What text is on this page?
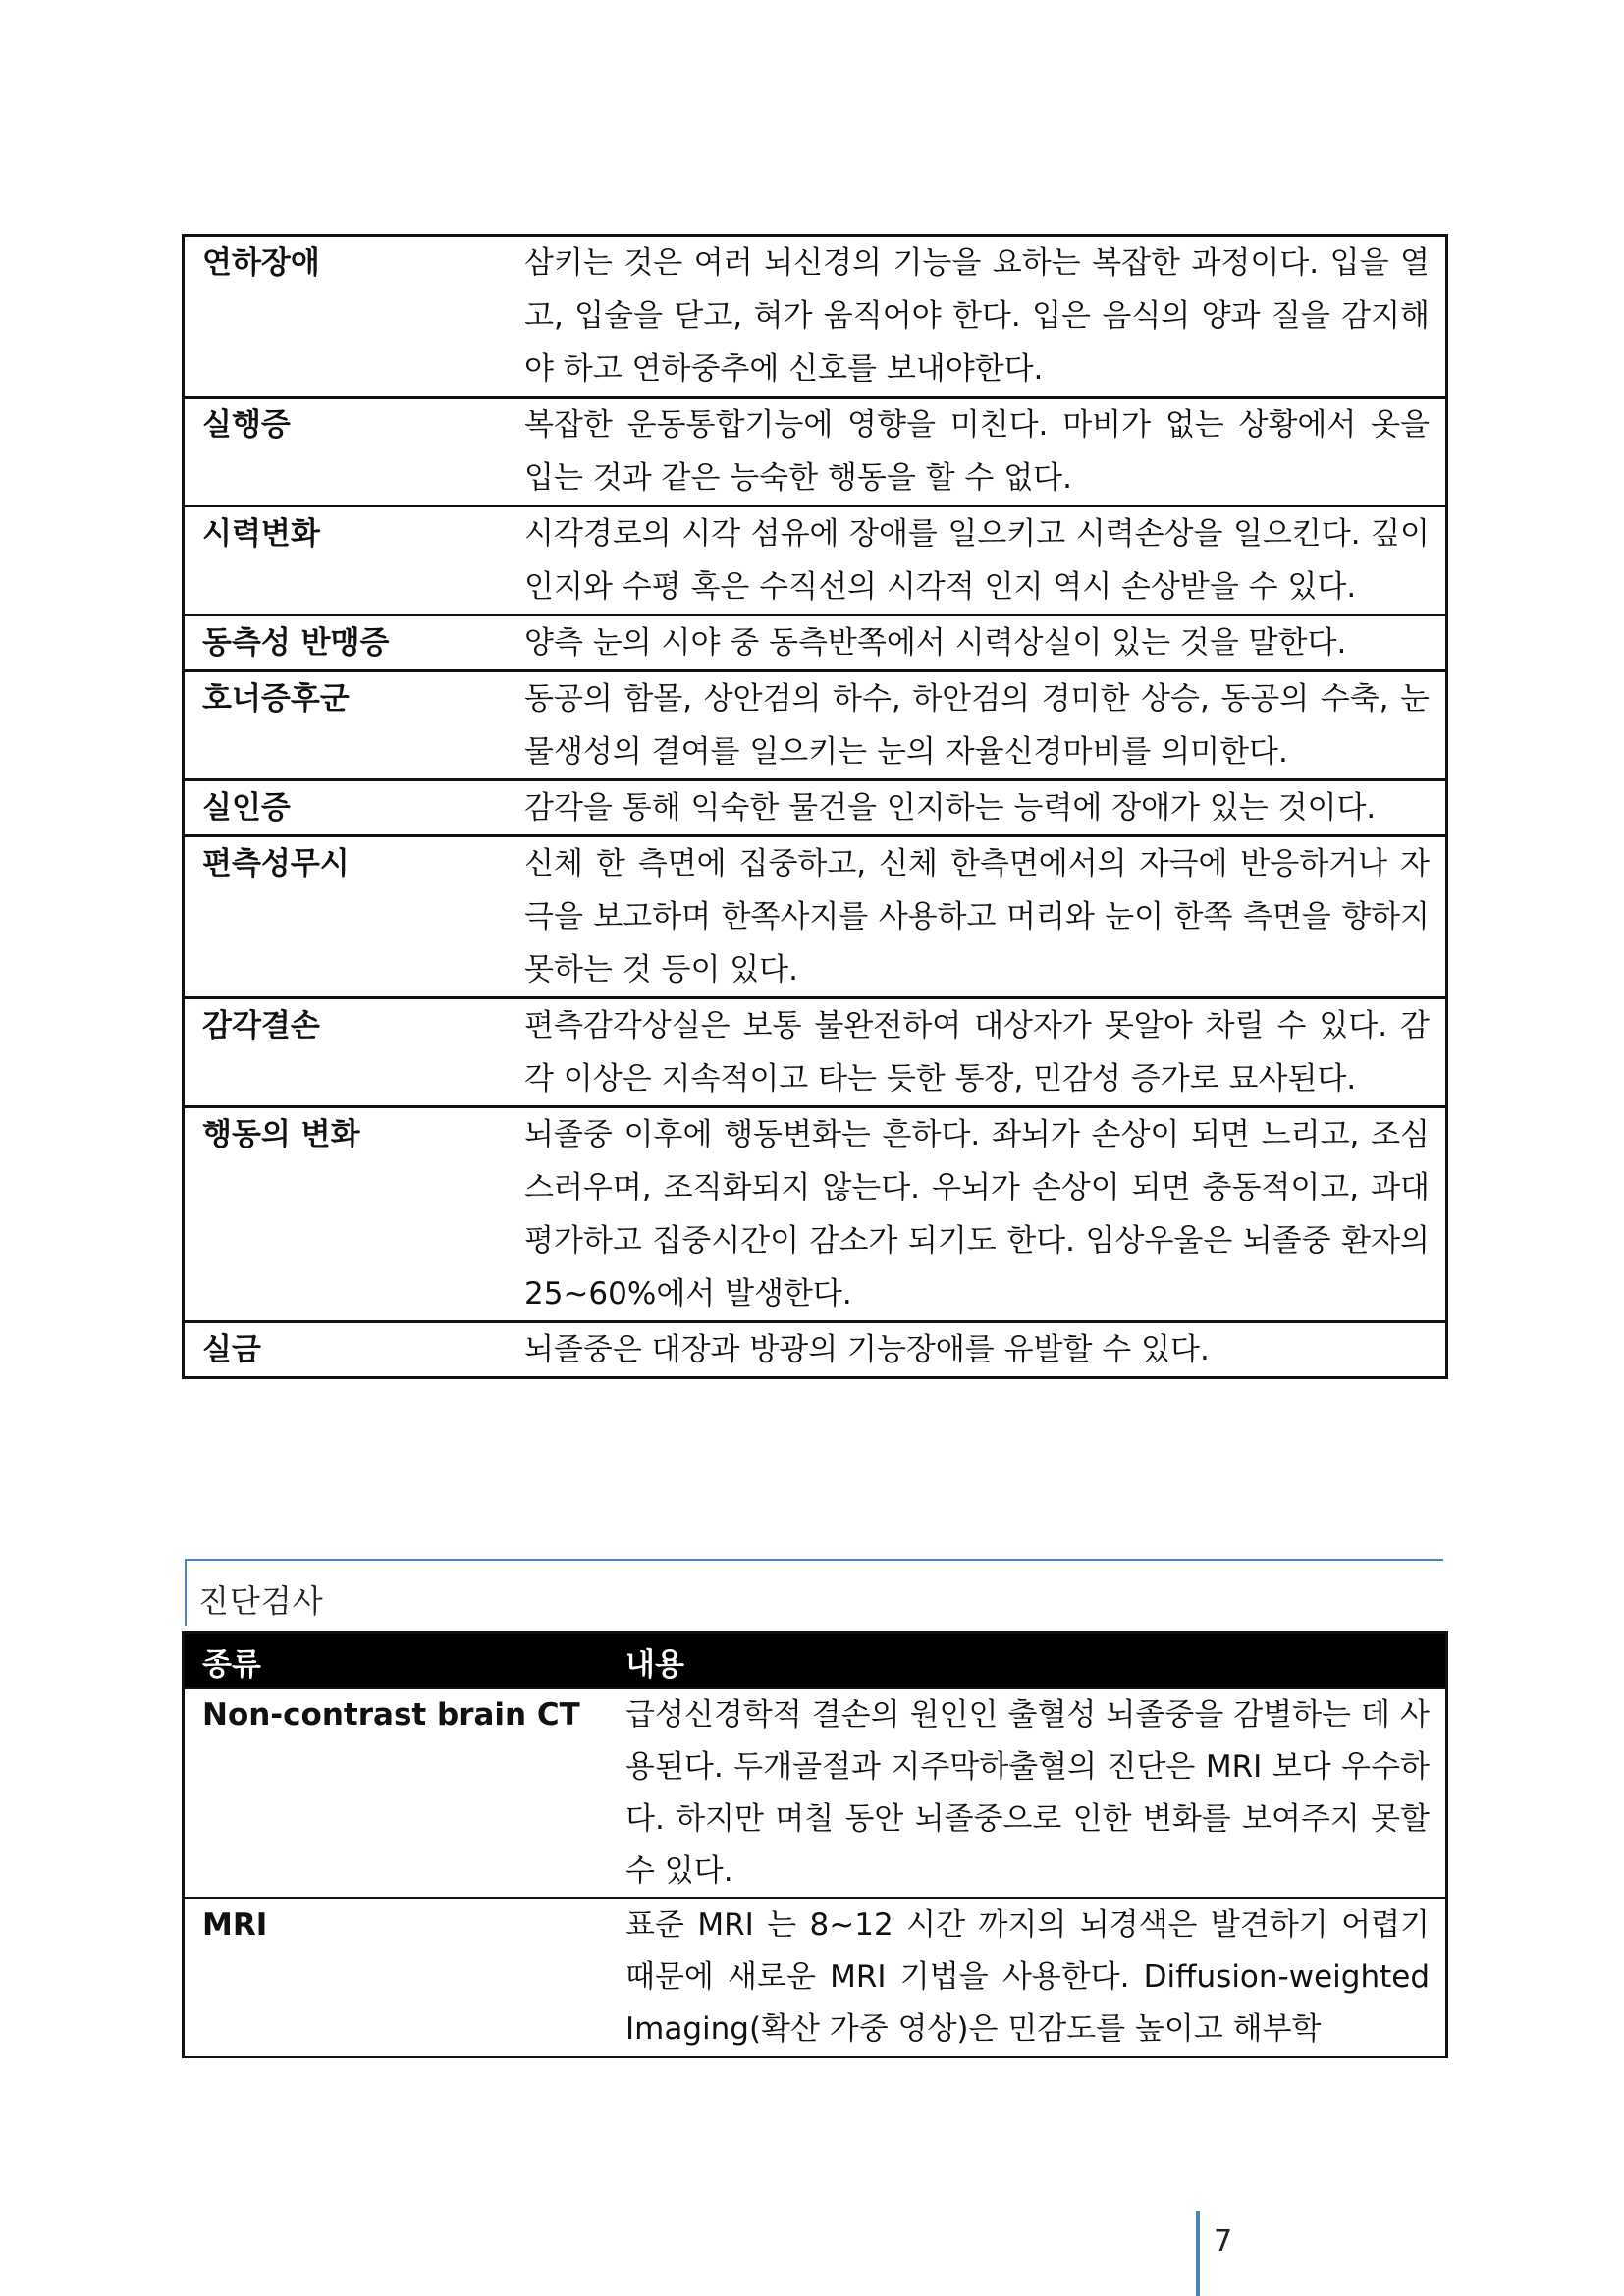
연하장애	삼키는 것은 여러 뇌신경의 기능을 요하는 복잡한 과정이다. 입을 열고, 입술을 닫고, 혀가 움직어야 한다. 입은 음식의 양과 질을 감지해야 하고 연하중추에 신호를 보내야한다.
실행증	복잡한 운동통합기능에 영향을 미친다. 마비가 없는 상황에서 옷을 입는 것과 같은 능숙한 행동을 할 수 없다.
시력변화	시각경로의 시각 섬유에 장애를 일으키고 시력손상을 일으킨다. 깊이 인지와 수평 혹은 수직선의 시각적 인지 역시 손상받을 수 있다.
동측성 반맹증	양측 눈의 시야 중 동측반쪽에서 시력상실이 있는 것을 말한다.
호너증후군	동공의 함몰, 상안검의 하수, 하안검의 경미한 상승, 동공의 수축, 눈물생성의 결여를 일으키는 눈의 자율신경마비를 의미한다.
실인증	감각을 통해 익숙한 물건을 인지하는 능력에 장애가 있는 것이다.
편측성무시	신체 한 측면에 집중하고, 신체 한측면에서의 자극에 반응하거나 자극을 보고하며 한쪽사지를 사용하고 머리와 눈이 한쪽 측면을 향하지 못하는 것 등이 있다.
감각결손	편측감각상실은 보통 불완전하여 대상자가 못알아 차릴 수 있다. 감각 이상은 지속적이고 타는 듯한 통장, 민감성 증가로 묘사된다.
행동의 변화	뇌졸중 이후에 행동변화는 흔하다. 좌뇌가 손상이 되면 느리고, 조심스러우며, 조직화되지 않는다. 우뇌가 손상이 되면 충동적이고, 과대평가하고 집중시간이 감소가 되기도 한다. 임상우울은 뇌졸중 환자의 25~60%에서 발생한다.
실금	뇌졸중은 대장과 방광의 기능장애를 유발할 수 있다.
진단검사
종류	내용
Non-contrast brain CT	급성신경학적 결손의 원인인 출혈성 뇌졸중을 감별하는 데 사용된다. 두개골절과 지주막하출혈의 진단은 MRI 보다 우수하다. 하지만 며칠 동안 뇌졸중으로 인한 변화를 보여주지 못할 수 있다.
MRI	표준 MRI 는 8~12 시간 까지의 뇌경색은 발견하기 어렵기 때문에 새로운 MRI 기법을 사용한다. Diffusion-weighted Imaging(확산 가중 영상)은 민감도를 높이고 해부학
7
